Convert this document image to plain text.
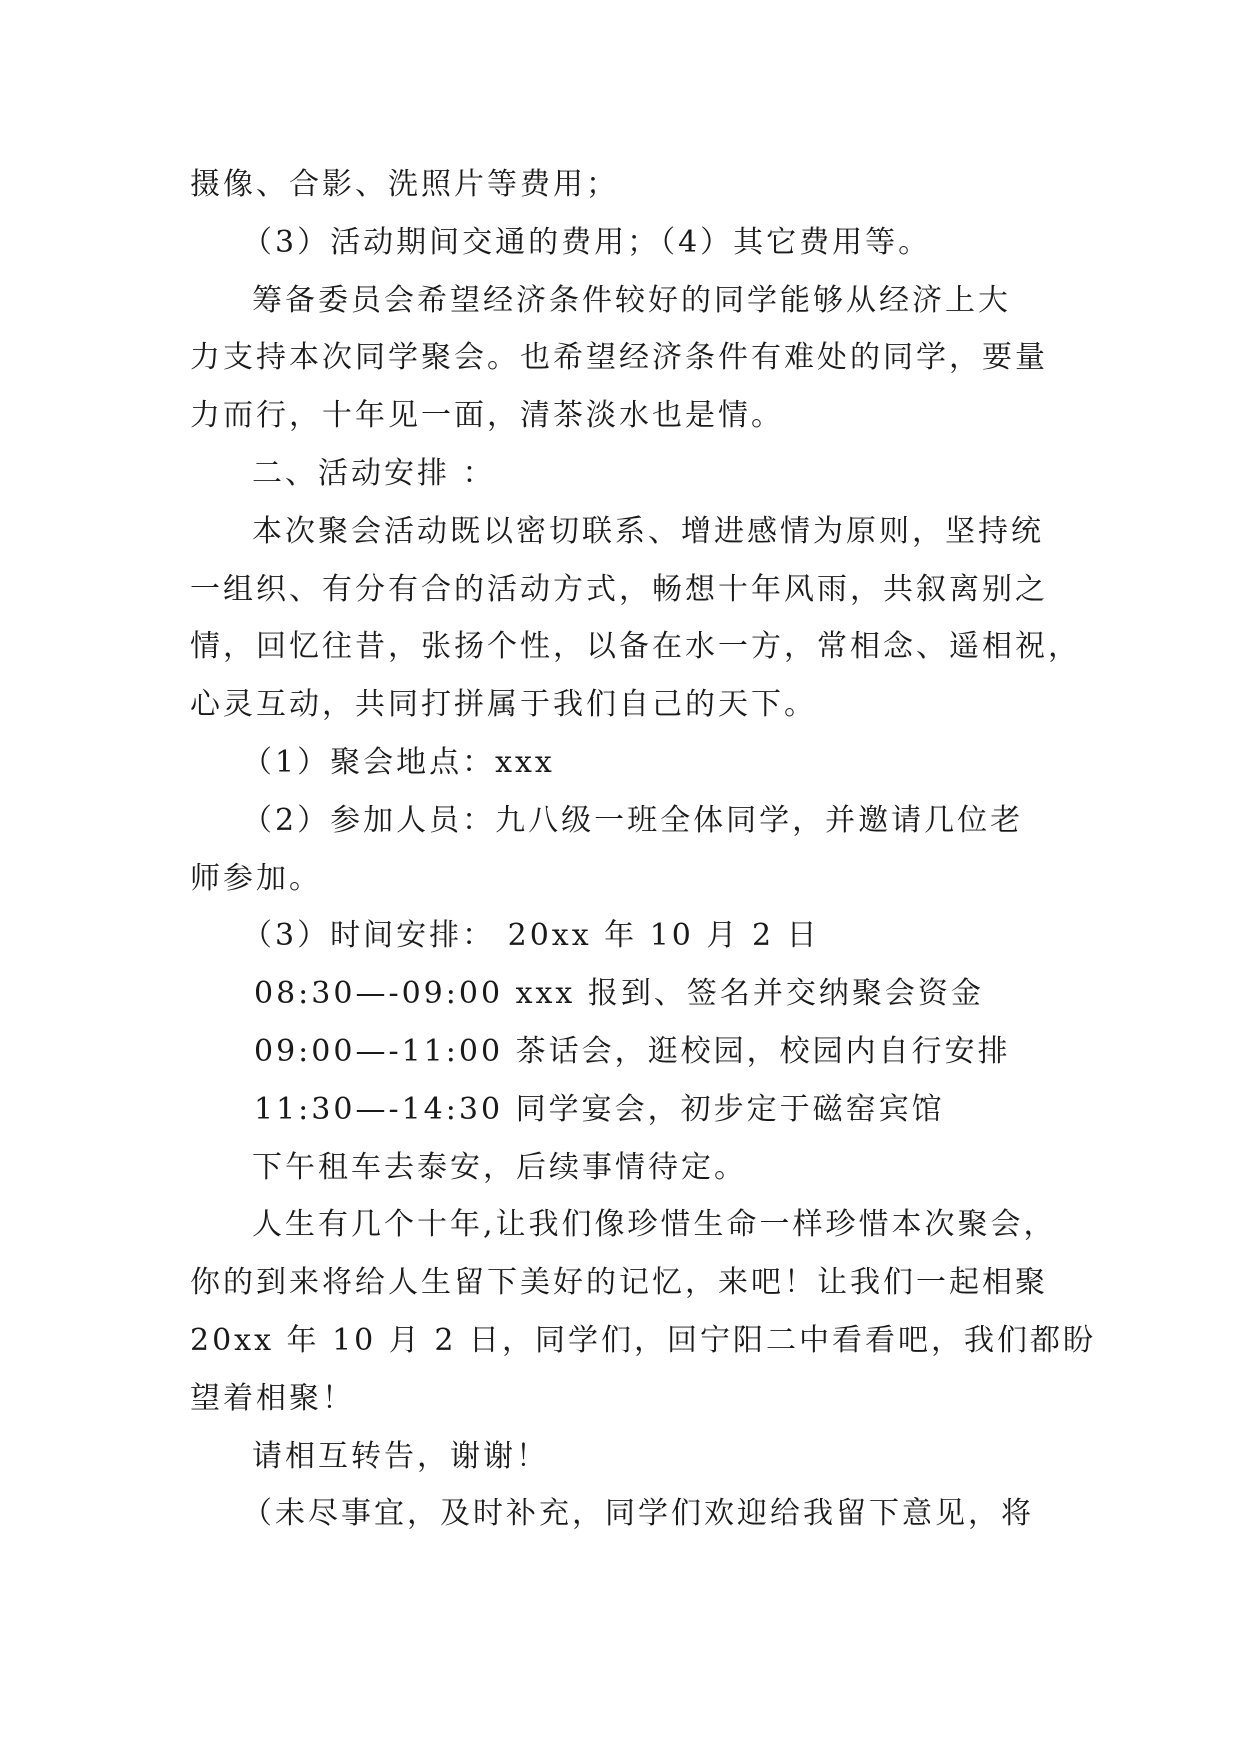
摄像、合影、洗照片等费用；
（3）活动期间交通的费用；（4）其它费用等。
筹备委员会希望经济条件较好的同学能够从经济上大
力支持本次同学聚会。也希望经济条件有难处的同学，要量
力而行，十年见一面，清茶淡水也是情。
二、活动安排 ：
本次聚会活动既以密切联系、增进感情为原则，坚持统
一组织、有分有合的活动方式，畅想十年风雨，共叙离别之
情，回忆往昔，张扬个性，以备在水一方，常相念、遥相祝，
心灵互动，共同打拼属于我们自己的天下。
（1）聚会地点：xxx
（2）参加人员：九八级一班全体同学，并邀请几位老
师参加。
（3）时间安排： 20xx 年 10 月 2 日
08:30—-09:00 xxx 报到、签名并交纳聚会资金
09:00—-11:00 茶话会，逛校园，校园内自行安排
11:30—-14:30 同学宴会，初步定于磁窑宾馆
下午租车去泰安，后续事情待定。
人生有几个十年,让我们像珍惜生命一样珍惜本次聚会，
你的到来将给人生留下美好的记忆，来吧！让我们一起相聚
20xx 年 10 月 2 日，同学们，回宁阳二中看看吧，我们都盼
望着相聚！
请相互转告，谢谢！
（未尽事宜，及时补充，同学们欢迎给我留下意见，将
